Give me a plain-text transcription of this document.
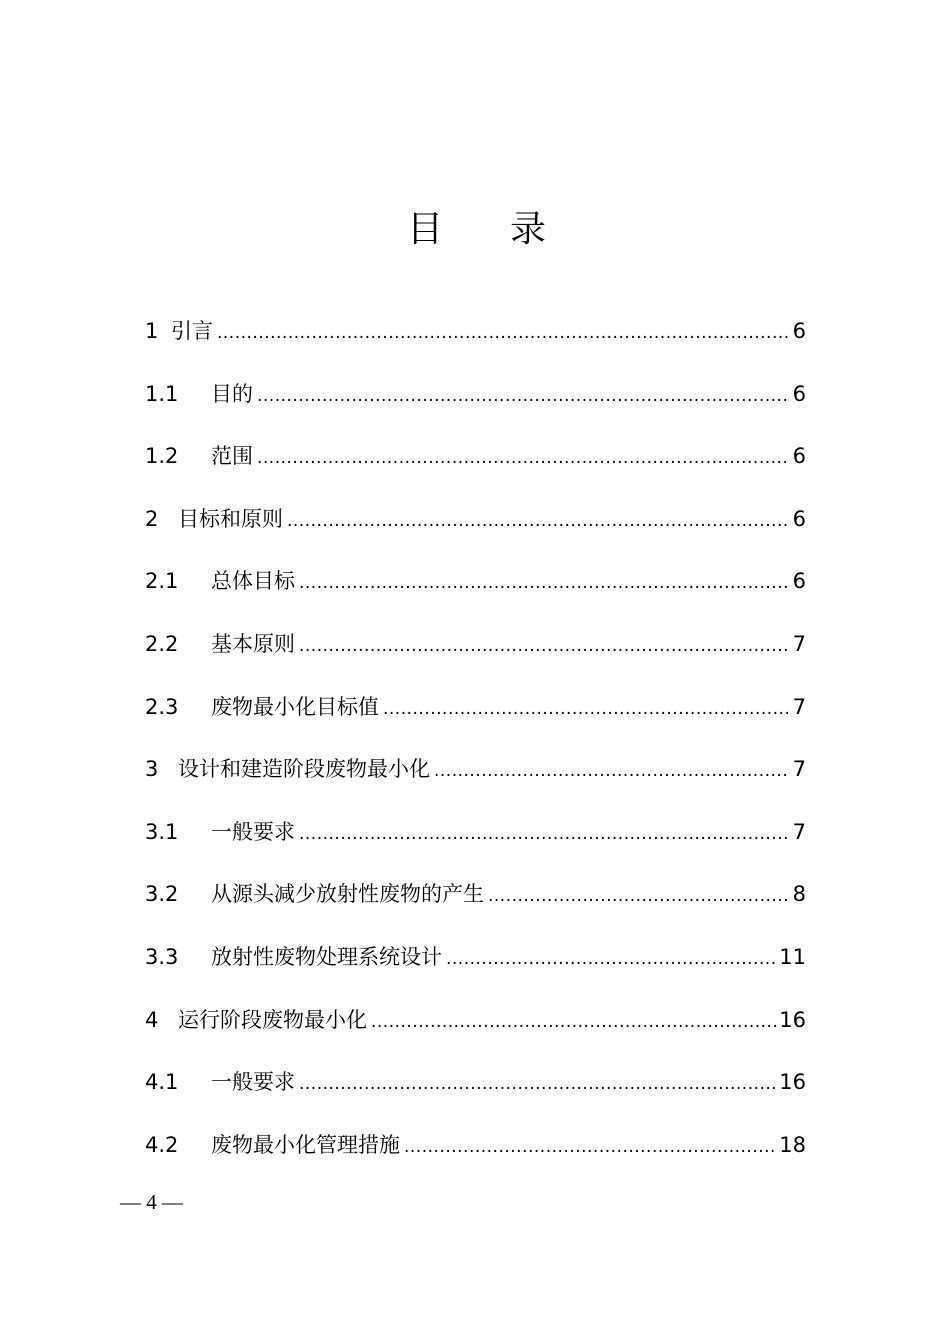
目 录
1 引言 .....	6
1.1	目的 .....	6
1.2	范围 .....	6
2 目标和原则 .....	6
2.1	总体目标 .....	6
2.2	基本原则 .....	7
2.3	废物最小化目标值 .....	7
3 设计和建造阶段废物最小化 .....	7
3.1	一般要求 .....	7
3.2	从源头减少放射性废物的产生 .....	8
3.3	放射性废物处理系统设计 .....	11
4 运行阶段废物最小化 .....	16
4.1	一般要求 .....	16
4.2	废物最小化管理措施 .....	18
— 4 —
